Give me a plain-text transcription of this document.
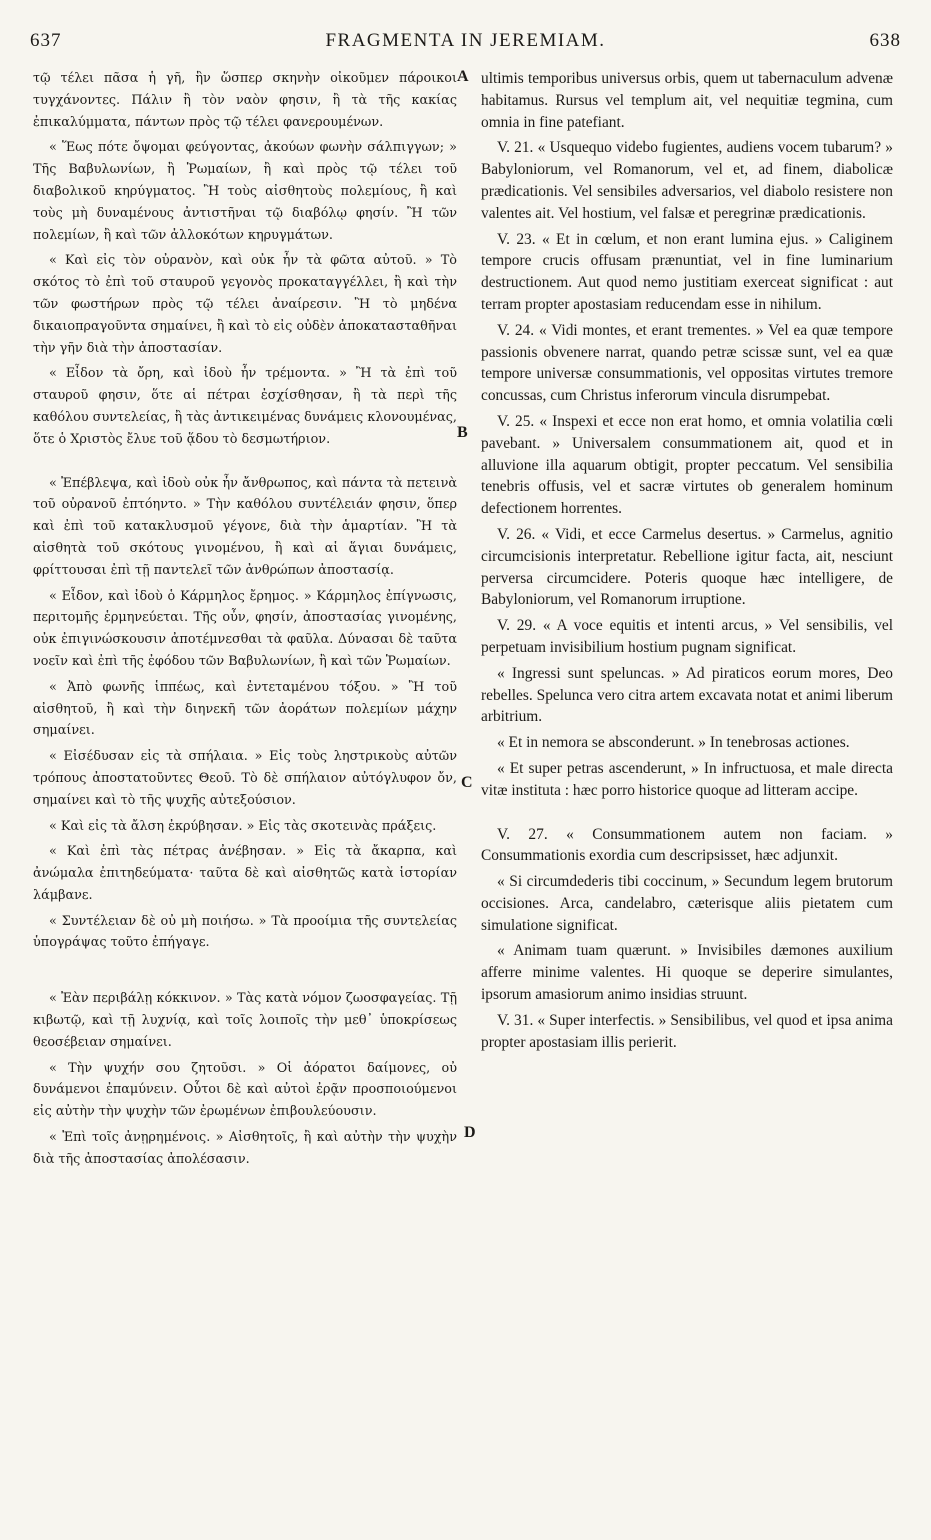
637	FRAGMENTA IN JEREMIAM.	638
A
B
C
D

τῷ τέλει πᾶσα ἡ γῆ, ἣν ὥσπερ σκηνὴν οἰκοῦμεν πάροικοι τυγχάνοντες. Πάλιν ἢ τὸν ναὸν φησιν, ἢ τὰ τῆς κακίας ἐπικαλύμματα, πάντων πρὸς τῷ τέλει φανερουμένων.

« Ἕως πότε ὄψομαι φεύγοντας, ἀκούων φωνὴν σάλπιγγων; » Τῆς Βαβυλωνίων, ἢ Ῥωμαίων, ἢ καὶ πρὸς τῷ τέλει τοῦ διαβολικοῦ κηρύγματος. Ἢ τοὺς αἰσθητοὺς πολεμίους, ἢ καὶ τοὺς μὴ δυναμένους ἀντιστῆναι τῷ διαβόλῳ φησίν. Ἢ τῶν πολεμίων, ἢ καὶ τῶν ἀλλοκότων κηρυγμάτων.

« Καὶ εἰς τὸν οὐρανὸν, καὶ οὐκ ἦν τὰ φῶτα αὐτοῦ. » Τὸ σκότος τὸ ἐπὶ τοῦ σταυροῦ γεγονὸς προκαταγγέλλει, ἢ καὶ τὴν τῶν φωστήρων πρὸς τῷ τέλει ἀναίρεσιν. Ἢ τὸ μηδένα δικαιοπραγοῦντα σημαίνει, ἢ καὶ τὸ εἰς οὐδὲν ἀποκατασταθῆναι τὴν γῆν διὰ τὴν ἀποστασίαν.

« Εἶδον τὰ ὄρη, καὶ ἰδοὺ ἦν τρέμοντα. » Ἢ τὰ ἐπὶ τοῦ σταυροῦ φησιν, ὅτε αἱ πέτραι ἐσχίσθησαν, ἢ τὰ περὶ τῆς καθόλου συντελείας, ἢ τὰς ἀντικειμένας δυνάμεις κλονουμένας, ὅτε ὁ Χριστὸς ἔλυε τοῦ ᾅδου τὸ δεσμωτήριον.

« Ἐπέβλεψα, καὶ ἰδοὺ οὐκ ἦν ἄνθρωπος, καὶ πάντα τὰ πετεινὰ τοῦ οὐρανοῦ ἐπτόηντο. » Τὴν καθόλου συντέλειάν φησιν, ὅπερ καὶ ἐπὶ τοῦ κατακλυσμοῦ γέγονε, διὰ τὴν ἁμαρτίαν. Ἢ τὰ αἰσθητὰ τοῦ σκότους γινομένου, ἢ καὶ αἱ ἅγιαι δυνάμεις, φρίττουσαι ἐπὶ τῇ παντελεῖ τῶν ἀνθρώπων ἀποστασίᾳ.

« Εἶδον, καὶ ἰδοὺ ὁ Κάρμηλος ἔρημος. » Κάρμηλος ἐπίγνωσις, περιτομῆς ἑρμηνεύεται. Τῆς οὖν, φησίν, ἀποστασίας γινομένης, οὐκ ἐπιγινώσκουσιν ἀποτέμνεσθαι τὰ φαῦλα. Δύνασαι δὲ ταῦτα νοεῖν καὶ ἐπὶ τῆς ἐφόδου τῶν Βαβυλωνίων, ἢ καὶ τῶν Ῥωμαίων.

« Ἀπὸ φωνῆς ἱππέως, καὶ ἐντεταμένου τόξου. » Ἢ τοῦ αἰσθητοῦ, ἢ καὶ τὴν διηνεκῆ τῶν ἀοράτων πολεμίων μάχην σημαίνει.

« Εἰσέδυσαν εἰς τὰ σπήλαια. » Εἰς τοὺς ληστρικοὺς αὐτῶν τρόπους ἀποστατοῦντες Θεοῦ. Τὸ δὲ σπήλαιον αὐτόγλυφον ὄν, σημαίνει καὶ τὸ τῆς ψυχῆς αὐτεξούσιον.

« Καὶ εἰς τὰ ἄλση ἐκρύβησαν. » Εἰς τὰς σκοτεινὰς πράξεις.

« Καὶ ἐπὶ τὰς πέτρας ἀνέβησαν. » Εἰς τὰ ἄκαρπα, καὶ ἀνώμαλα ἐπιτηδεύματα· ταῦτα δὲ καὶ αἰσθητῶς κατὰ ἱστορίαν λάμβανε.

« Συντέλειαν δὲ οὐ μὴ ποιήσω. » Τὰ προοίμια τῆς συντελείας ὑπογράψας τοῦτο ἐπήγαγε.

« Ἐὰν περιβάλῃ κόκκινον. » Τὰς κατὰ νόμον ζωοσφαγείας. Τῇ κιβωτῷ, καὶ τῇ λυχνίᾳ, καὶ τοῖς λοιποῖς τὴν μεθ᾽ ὑποκρίσεως θεοσέβειαν σημαίνει.

« Τὴν ψυχήν σου ζητοῦσι. » Οἱ ἀόρατοι δαίμονες, οὐ δυνάμενοι ἐπαμύνειν. Οὗτοι δὲ καὶ αὐτοὶ ἐρᾷν προσποιούμενοι εἰς αὐτὴν τὴν ψυχὴν τῶν ἐρωμένων ἐπιβουλεύουσιν.

« Ἐπὶ τοῖς ἀνῃρημένοις. » Αἰσθητοῖς, ἢ καὶ αὐτὴν τὴν ψυχὴν διὰ τῆς ἀποστασίας ἀπολέσασιν.

ultimis temporibus universus orbis, quem ut tabernaculum advenæ habitamus. Rursus vel templum ait, vel nequitiæ tegmina, cum omnia in fine patefiant.

V. 21. « Usquequo videbo fugientes, audiens vocem tubarum? » Babyloniorum, vel Romanorum, vel et, ad finem, diabolicæ prædicationis. Vel sensibiles adversarios, vel diabolo resistere non valentes ait. Vel hostium, vel falsæ et peregrinæ prædicationis.

V. 23. « Et in cœlum, et non erant lumina ejus. » Caliginem tempore crucis offusam prænuntiat, vel in fine luminarium destructionem. Aut quod nemo justitiam exerceat significat : aut terram propter apostasiam reducendam esse in nihilum.

V. 24. « Vidi montes, et erant trementes. » Vel ea quæ tempore passionis obvenere narrat, quando petræ scissæ sunt, vel ea quæ tempore universæ consummationis, vel oppositas virtutes tremore concussas, cum Christus inferorum vincula disrumpebat.

V. 25. « Inspexi et ecce non erat homo, et omnia volatilia cœli pavebant. » Universalem consummationem ait, quod et in alluvione illa aquarum obtigit, propter peccatum. Vel sensibilia tenebris offusis, vel et sacræ virtutes ob generalem hominum defectionem horrentes.

V. 26. « Vidi, et ecce Carmelus desertus. » Carmelus, agnitio circumcisionis interpretatur. Rebellione igitur facta, ait, nesciunt perversa circumcidere. Poteris quoque hæc intelligere, de Babyloniorum, vel Romanorum irruptione.

V. 29. « A voce equitis et intenti arcus, » Vel sensibilis, vel perpetuam invisibilium hostium pugnam significat.

« Ingressi sunt speluncas. » Ad piraticos eorum mores, Deo rebelles. Spelunca vero citra artem excavata notat et animi liberum arbitrium.

« Et in nemora se absconderunt. » In tenebrosas actiones.

« Et super petras ascenderunt, » In infructuosa, et male directa vitæ instituta : hæc porro historice quoque ad litteram accipe.

V. 27. « Consummationem autem non faciam. » Consummationis exordia cum descripsisset, hæc adjunxit.

« Si circumdederis tibi coccinum, » Secundum legem brutorum occisiones. Arca, candelabro, cæterisque aliis pietatem cum simulatione significat.

« Animam tuam quærunt. » Invisibiles dæmones auxilium afferre minime valentes. Hi quoque se deperire simulantes, ipsorum amasiorum animo insidias struunt.

V. 31. « Super interfectis. » Sensibilibus, vel quod et ipsa anima propter apostasiam illis perierit.
